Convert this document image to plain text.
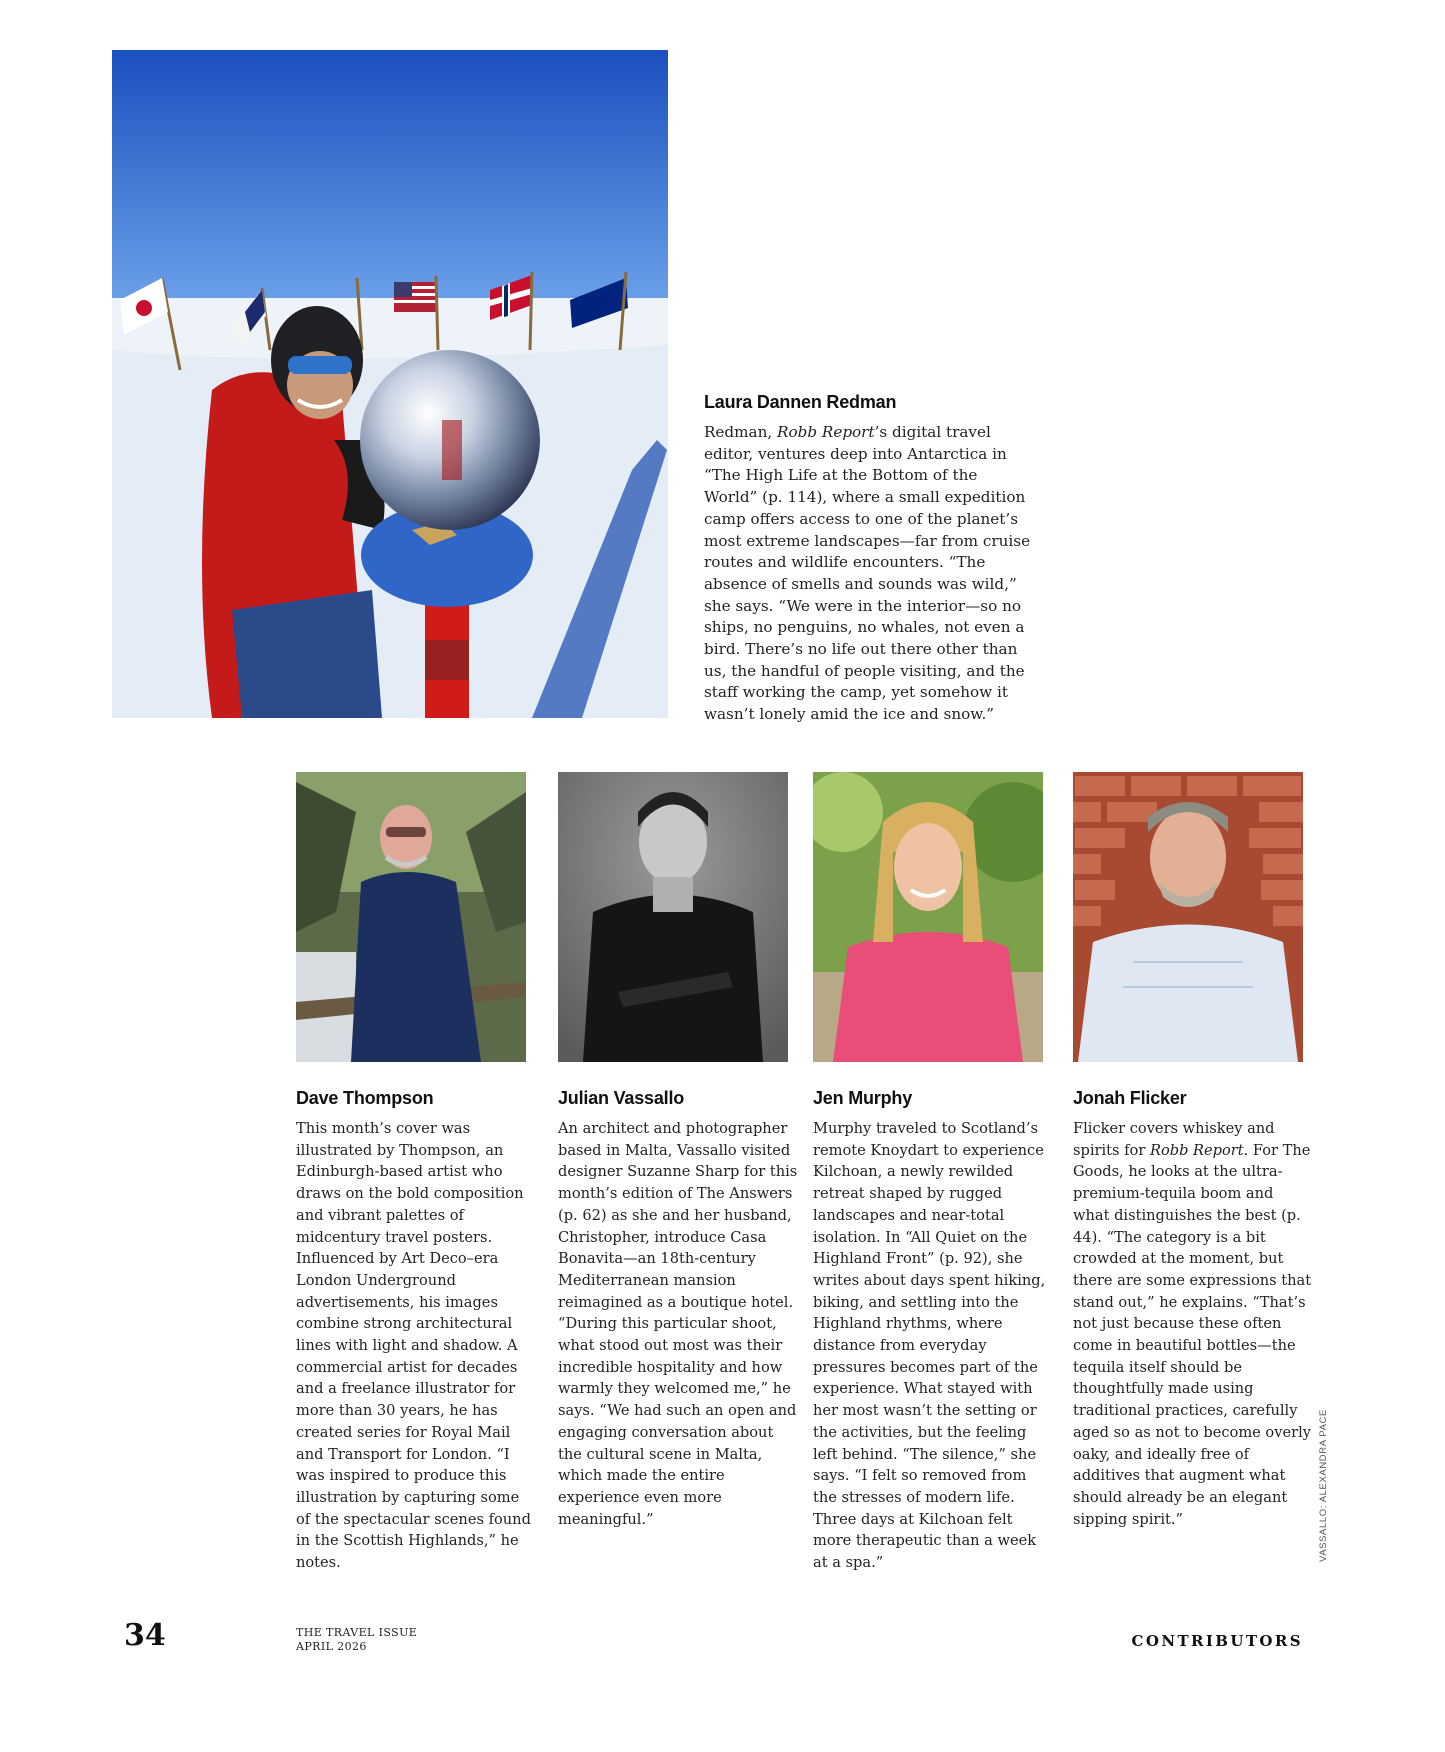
Laura Dannen Redman

Redman, Robb Report’s digital travel editor, ventures deep into Antarctica in “The High Life at the Bottom of the World” (p. 114), where a small expedition camp offers access to one of the planet’s most extreme landscapes—far from cruise routes and wildlife encounters. “The absence of smells and sounds was wild,” she says. “We were in the interior—so no ships, no penguins, no whales, not even a bird. There’s no life out there other than us, the handful of people visiting, and the staff working the camp, yet somehow it wasn’t lonely amid the ice and snow.”

Dave Thompson

This month’s cover was illustrated by Thompson, an Edinburgh-based artist who draws on the bold composition and vibrant palettes of midcentury travel posters. Influenced by Art Deco–era London Underground advertisements, his images combine strong architectural lines with light and shadow. A commercial artist for decades and a freelance illustrator for more than 30 years, he has created series for Royal Mail and Transport for London. “I was inspired to produce this illustration by capturing some of the spectacular scenes found in the Scottish Highlands,” he notes.

Julian Vassallo

An architect and photographer based in Malta, Vassallo visited designer Suzanne Sharp for this month’s edition of The Answers (p. 62) as she and her husband, Christopher, introduce Casa Bonavita—an 18th-century Mediterranean mansion reimagined as a boutique hotel. “During this particular shoot, what stood out most was their incredible hospitality and how warmly they welcomed me,” he says. “We had such an open and engaging conversation about the cultural scene in Malta, which made the entire experience even more meaningful.”

Jen Murphy

Murphy traveled to Scotland’s remote Knoydart to experience Kilchoan, a newly rewilded retreat shaped by rugged landscapes and near-total isolation. In “All Quiet on the Highland Front” (p. 92), she writes about days spent hiking, biking, and settling into the Highland rhythms, where distance from everyday pressures becomes part of the experience. What stayed with her most wasn’t the setting or the activities, but the feeling left behind. “The silence,” she says. “I felt so removed from the stresses of modern life. Three days at Kilchoan felt more therapeutic than a week at a spa.”

Jonah Flicker

Flicker covers whiskey and spirits for Robb Report. For The Goods, he looks at the ultra-premium-tequila boom and what distinguishes the best (p. 44). “The category is a bit crowded at the moment, but there are some expressions that stand out,” he explains. “That’s not just because these often come in beautiful bottles—the tequila itself should be thoughtfully made using traditional practices, carefully aged so as not to become overly oaky, and ideally free of additives that augment what should already be an elegant sipping spirit.”	VASSALLO: ALEXANDRA PACE
34	THE TRAVEL ISSUE
APRIL 2026	CONTRIBUTORS
